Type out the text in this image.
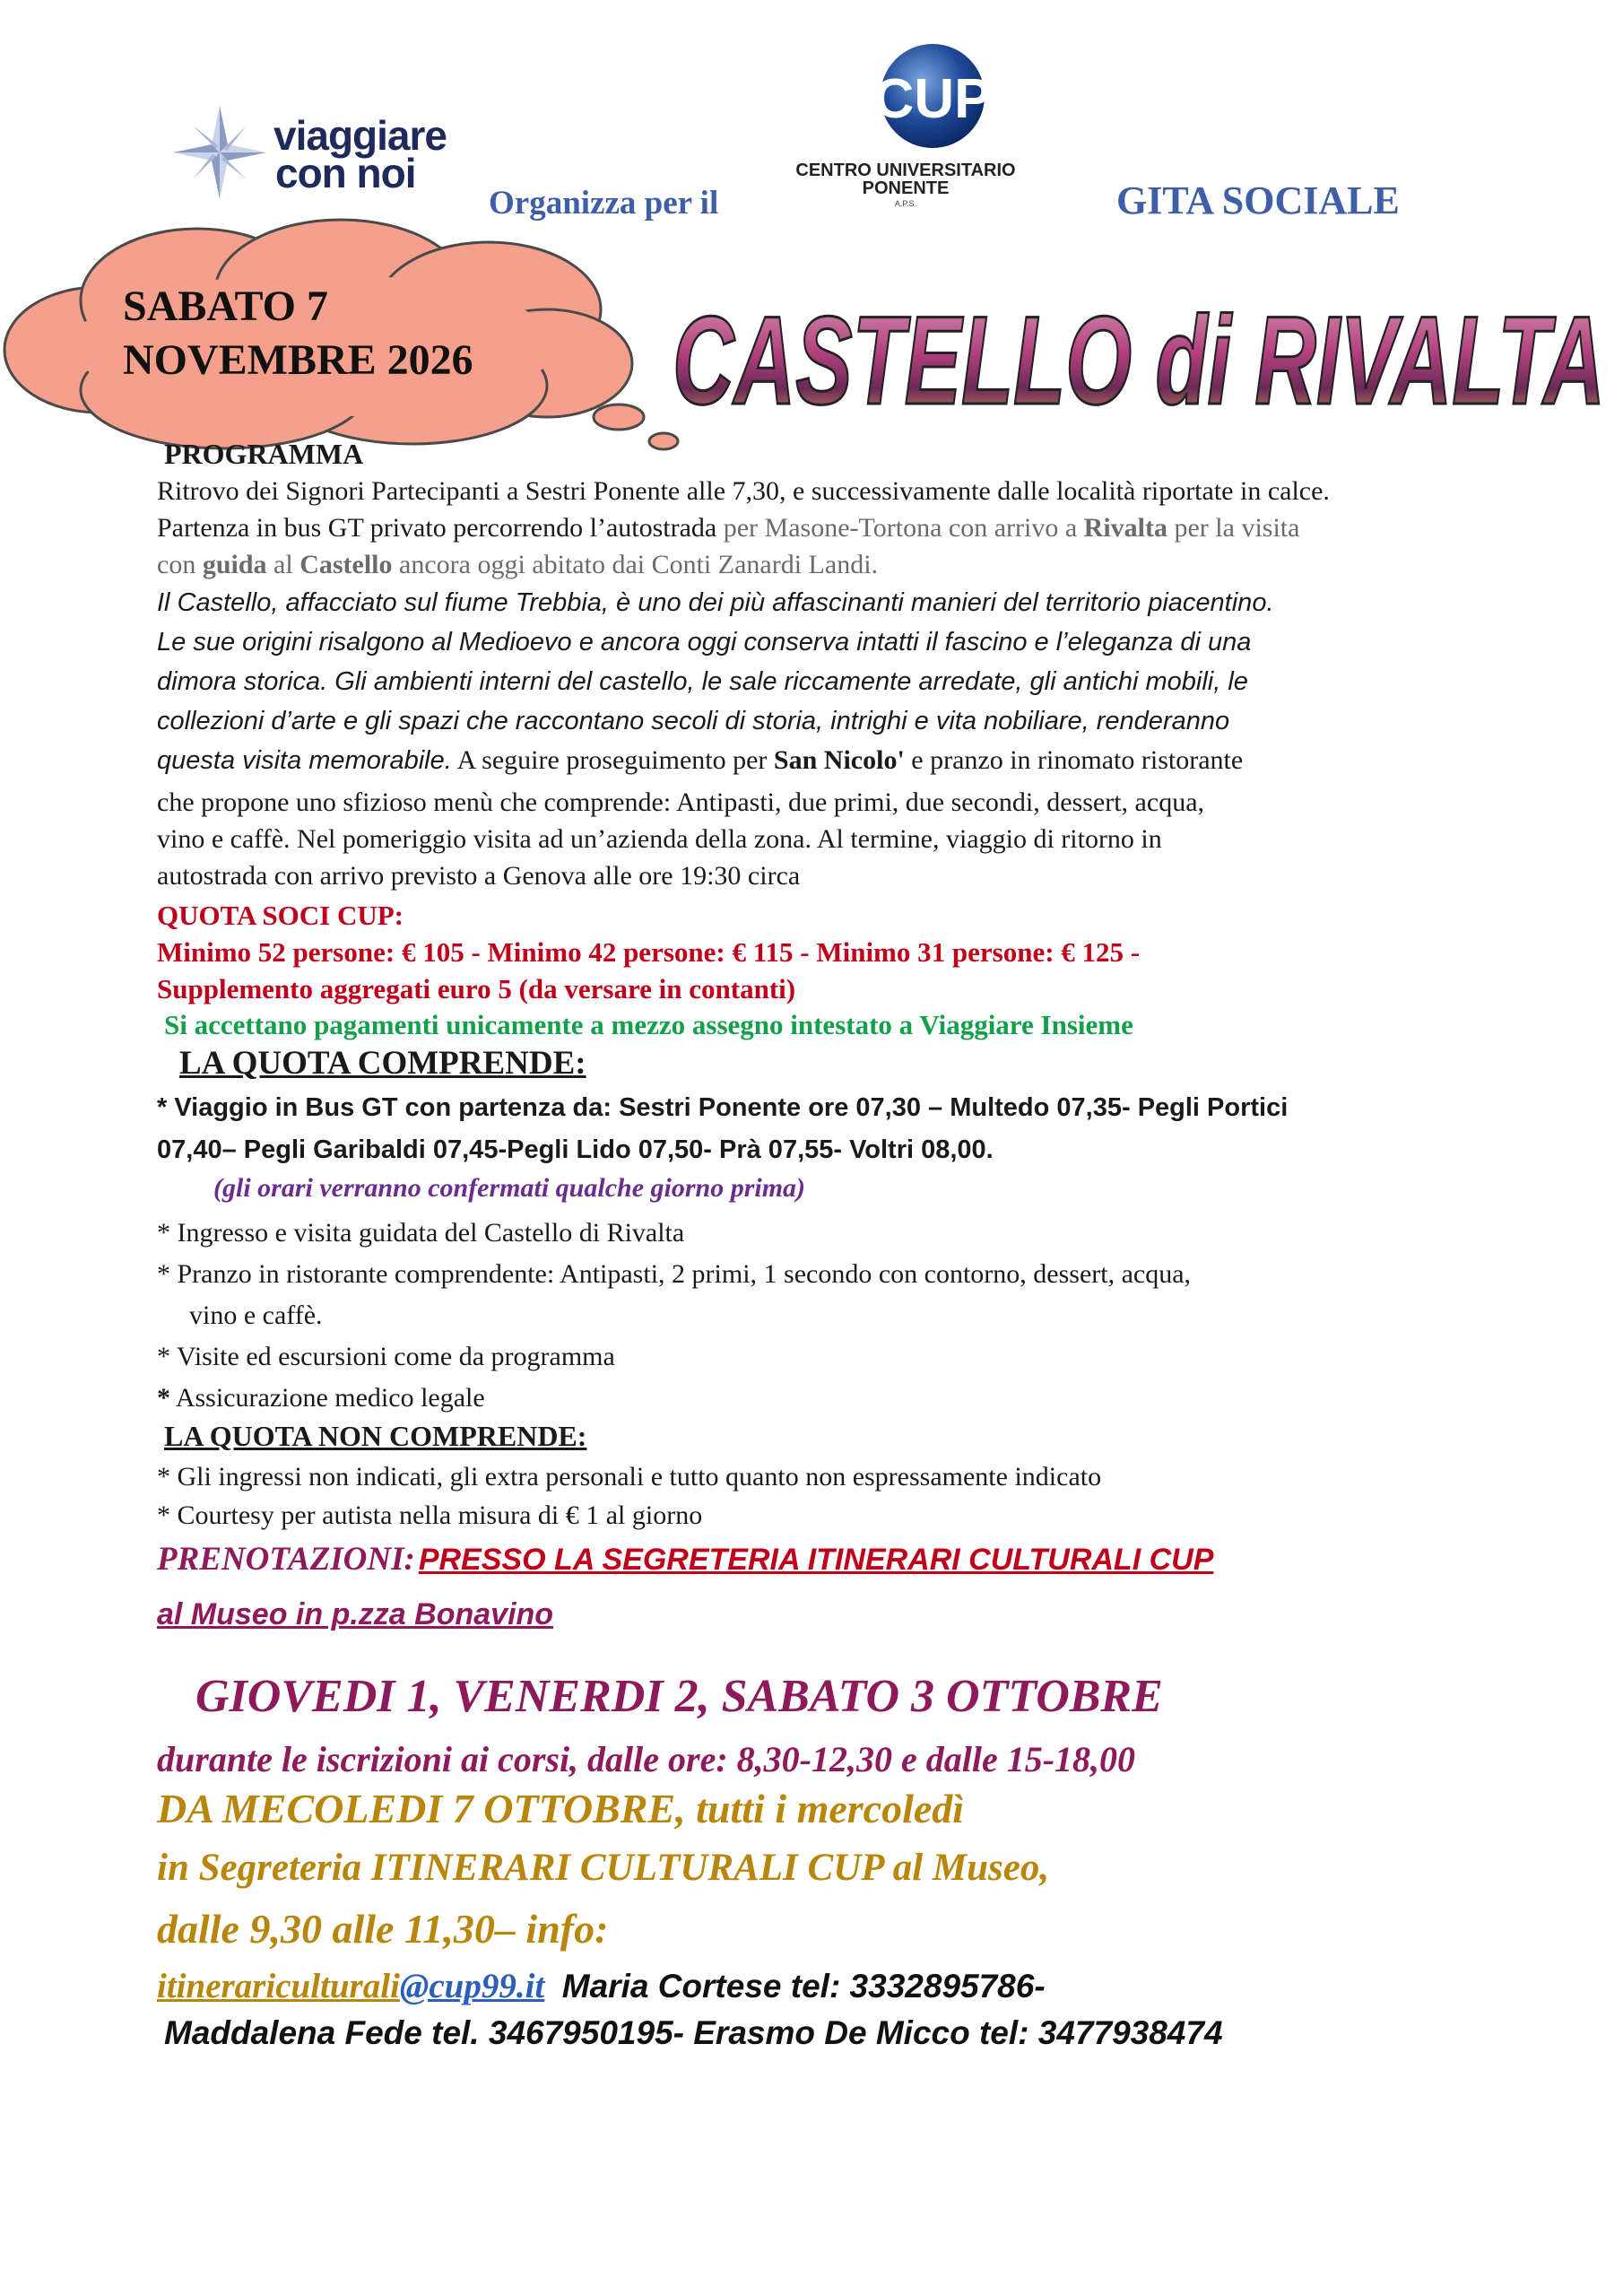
viaggiare
con noi
Organizza per il
CUP
CENTRO UNIVERSITARIO
PONENTE
A.P.S.	GITA SOCIALE
SABATO 7
NOVEMBRE 2026 CASTELLO di RIVALTA
PROGRAMMA
Ritrovo dei Signori Partecipanti a Sestri Ponente alle 7,30, e successivamente dalle località riportate in calce.
Partenza in bus GT privato percorrendo l’autostrada per Masone-Tortona con arrivo a Rivalta per la visita
con guida al Castello ancora oggi abitato dai Conti Zanardi Landi.
Il Castello, affacciato sul fiume Trebbia, è uno dei più affascinanti manieri del territorio piacentino.
Le sue origini risalgono al Medioevo e ancora oggi conserva intatti il fascino e l’eleganza di una
dimora storica. Gli ambienti interni del castello, le sale riccamente arredate, gli antichi mobili, le
collezioni d’arte e gli spazi che raccontano secoli di storia, intrighi e vita nobiliare, renderanno
questa visita memorabile. A seguire proseguimento per San Nicolo' e pranzo in rinomato ristorante
che propone uno sfizioso menù che comprende: Antipasti, due primi, due secondi, dessert, acqua,
vino e caffè. Nel pomeriggio visita ad un’azienda della zona. Al termine, viaggio di ritorno in
autostrada con arrivo previsto a Genova alle ore 19:30 circa
QUOTA SOCI CUP:
Minimo 52 persone: € 105 - Minimo 42 persone: € 115 - Minimo 31 persone: € 125 -
Supplemento aggregati euro 5 (da versare in contanti)
Si accettano pagamenti unicamente a mezzo assegno intestato a Viaggiare Insieme
LA QUOTA COMPRENDE:
* Viaggio in Bus GT con partenza da: Sestri Ponente ore 07,30 – Multedo 07,35- Pegli Portici
07,40– Pegli Garibaldi 07,45-Pegli Lido 07,50- Prà 07,55- Voltri 08,00.
(gli orari verranno confermati qualche giorno prima)
* Ingresso e visita guidata del Castello di Rivalta
* Pranzo in ristorante comprendente: Antipasti, 2 primi, 1 secondo con contorno, dessert, acqua,
vino e caffè.
* Visite ed escursioni come da programma
* Assicurazione medico legale
LA QUOTA NON COMPRENDE:
* Gli ingressi non indicati, gli extra personali e tutto quanto non espressamente indicato
* Courtesy per autista nella misura di € 1 al giorno
PRENOTAZIONI: PRESSO LA SEGRETERIA ITINERARI CULTURALI CUP
al Museo in p.zza Bonavino
GIOVEDI 1, VENERDI 2, SABATO 3 OTTOBRE
durante le iscrizioni ai corsi, dalle ore: 8,30-12,30 e dalle 15-18,00
DA MECOLEDI 7 OTTOBRE, tutti i mercoledì
in Segreteria ITINERARI CULTURALI CUP al Museo,
dalle 9,30 alle 11,30– info:
itinerariculturali@cup99.it Maria Cortese tel: 3332895786-
Maddalena Fede tel. 3467950195- Erasmo De Micco tel: 3477938474
